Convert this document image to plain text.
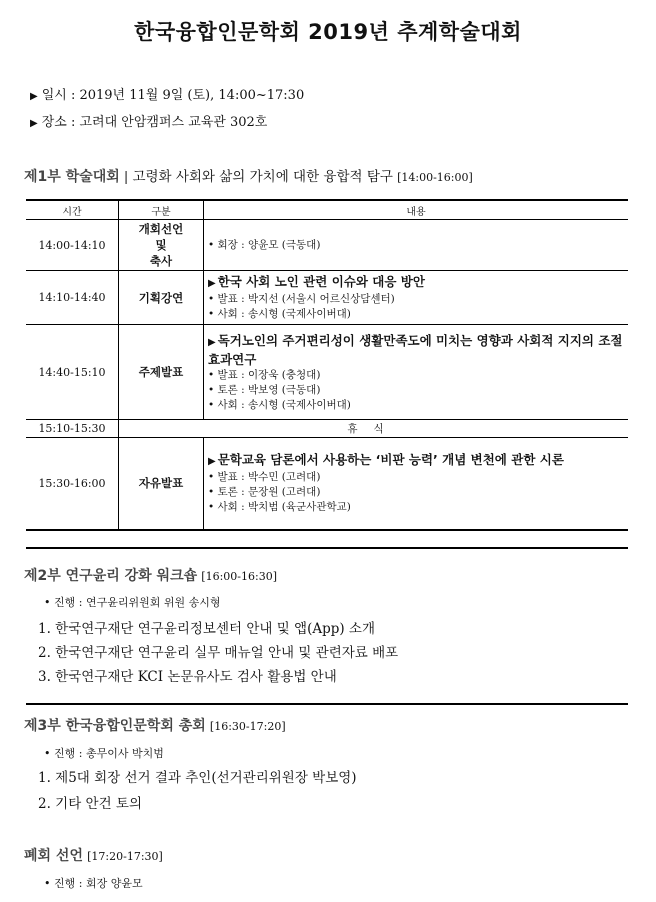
한국융합인문학회 2019년 추계학술대회
▶ 일시 : 2019년 11월 9일 (토), 14:00~17:30
▶ 장소 : 고려대 안암캠퍼스 교육관 302호
제1부 학술대회 | 고령화 사회와 삶의 가치에 대한 융합적 탐구 [14:00-16:00]
시간	구분	내용
14:00-14:10	개회선언
및
축사	• 회장 : 양윤모 (극동대)

14:10-14:40	기획강연	▶ 한국 사회 노인 관련 이슈와 대응 방안
• 발표 : 박지선 (서울시 어르신상담센터)
• 사회 : 송시형 (국제사이버대)

14:40-15:10	주제발표	▶ 독거노인의 주거편리성이 생활만족도에 미치는 영향과 사회적 지지의 조절효과연구
• 발표 : 이장욱 (충청대)
• 토론 : 박보영 (극동대)
• 사회 : 송시형 (국제사이버대)

15:10-15:30	휴식	
15:30-16:00	자유발표	▶ 문학교육 담론에서 사용하는 ‘비판 능력’ 개념 변천에 관한 시론
• 발표 : 박수민 (고려대)
• 토론 : 문장원 (고려대)
• 사회 : 박치범 (육군사관학교)
제2부 연구윤리 강화 워크숍 [16:00-16:30]
• 진행 : 연구윤리위원회 위원 송시형
1. 한국연구재단 연구윤리정보센터 안내 및 앱(App) 소개
2. 한국연구재단 연구윤리 실무 매뉴얼 안내 및 관련자료 배포
3. 한국연구재단 KCI 논문유사도 검사 활용법 안내
제3부 한국융합인문학회 총회 [16:30-17:20]
• 진행 : 총무이사 박치범
1. 제5대 회장 선거 결과 추인(선거관리위원장 박보영)
2. 기타 안건 토의
폐회 선언 [17:20-17:30]
• 진행 : 회장 양윤모
